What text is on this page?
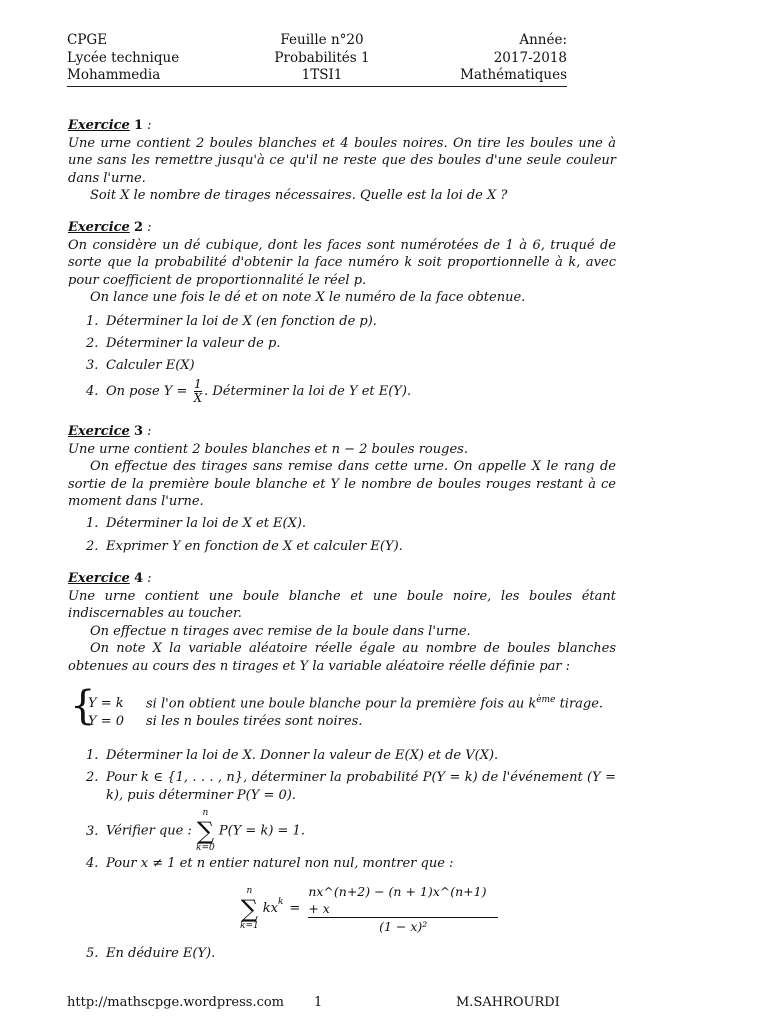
CPGE
Lycée technique
Mohammedia
Feuille n°20
Probabilités 1
1TSI1
Année:
2017-2018
Mathématiques
Exercice 1 :
Une urne contient 2 boules blanches et 4 boules noires. On tire les boules une à une sans les remettre jusqu'à ce qu'il ne reste que des boules d'une seule couleur dans l'urne.
Soit X le nombre de tirages nécessaires. Quelle est la loi de X ?
Exercice 2 :
On considère un dé cubique, dont les faces sont numérotées de 1 à 6, truqué de sorte que la probabilité d'obtenir la face numéro k soit proportionnelle à k, avec pour coefficient de proportionnalité le réel p.
On lance une fois le dé et on note X le numéro de la face obtenue.
1. Déterminer la loi de X (en fonction de p).
2. Déterminer la valeur de p.
3. Calculer E(X)
4. On pose $Y = \frac{1}{X}$ . Déterminer la loi de Y et E(Y).
Exercice 3 :
Une urne contient 2 boules blanches et n − 2 boules rouges.
On effectue des tirages sans remise dans cette urne. On appelle X le rang de sortie de la première boule blanche et Y le nombre de boules rouges restant à ce moment dans l'urne.
1. Déterminer la loi de X et E(X).
2. Exprimer Y en fonction de X et calculer E(Y).
Exercice 4 :
Une urne contient une boule blanche et une boule noire, les boules étant indiscernables au toucher.
On effectue n tirages avec remise de la boule dans l'urne.
On note X la variable aléatoire réelle égale au nombre de boules blanches obtenues au cours des n tirages et Y la variable aléatoire réelle définie par :
{
Y = k si l'on obtient une boule blanche pour la première fois au $k^{ème}$ tirage.
Y = 0 si les n boules tirées sont noires.
1. Déterminer la loi de X. Donner la valeur de E(X) et de V(X).
2. Pour k ∈ {1, . . . , n}, déterminer la probabilité P(Y = k) de l'événement (Y = k), puis déterminer P(Y = 0).
3. Vérifier que :
n
∑
k=0
P(Y = k) = 1.
4. Pour x ≠ 1 et n entier naturel non nul, montrer que :
n
∑
k=1
$kx^k = \frac{nx\^{}(n+2) - (n + 1)x\^{}(n+1) + x}{\text{(1 − x)²}}$
5. En déduire E(Y).
http://mathscpge.wordpress.com 1	M.SAHROURDI
